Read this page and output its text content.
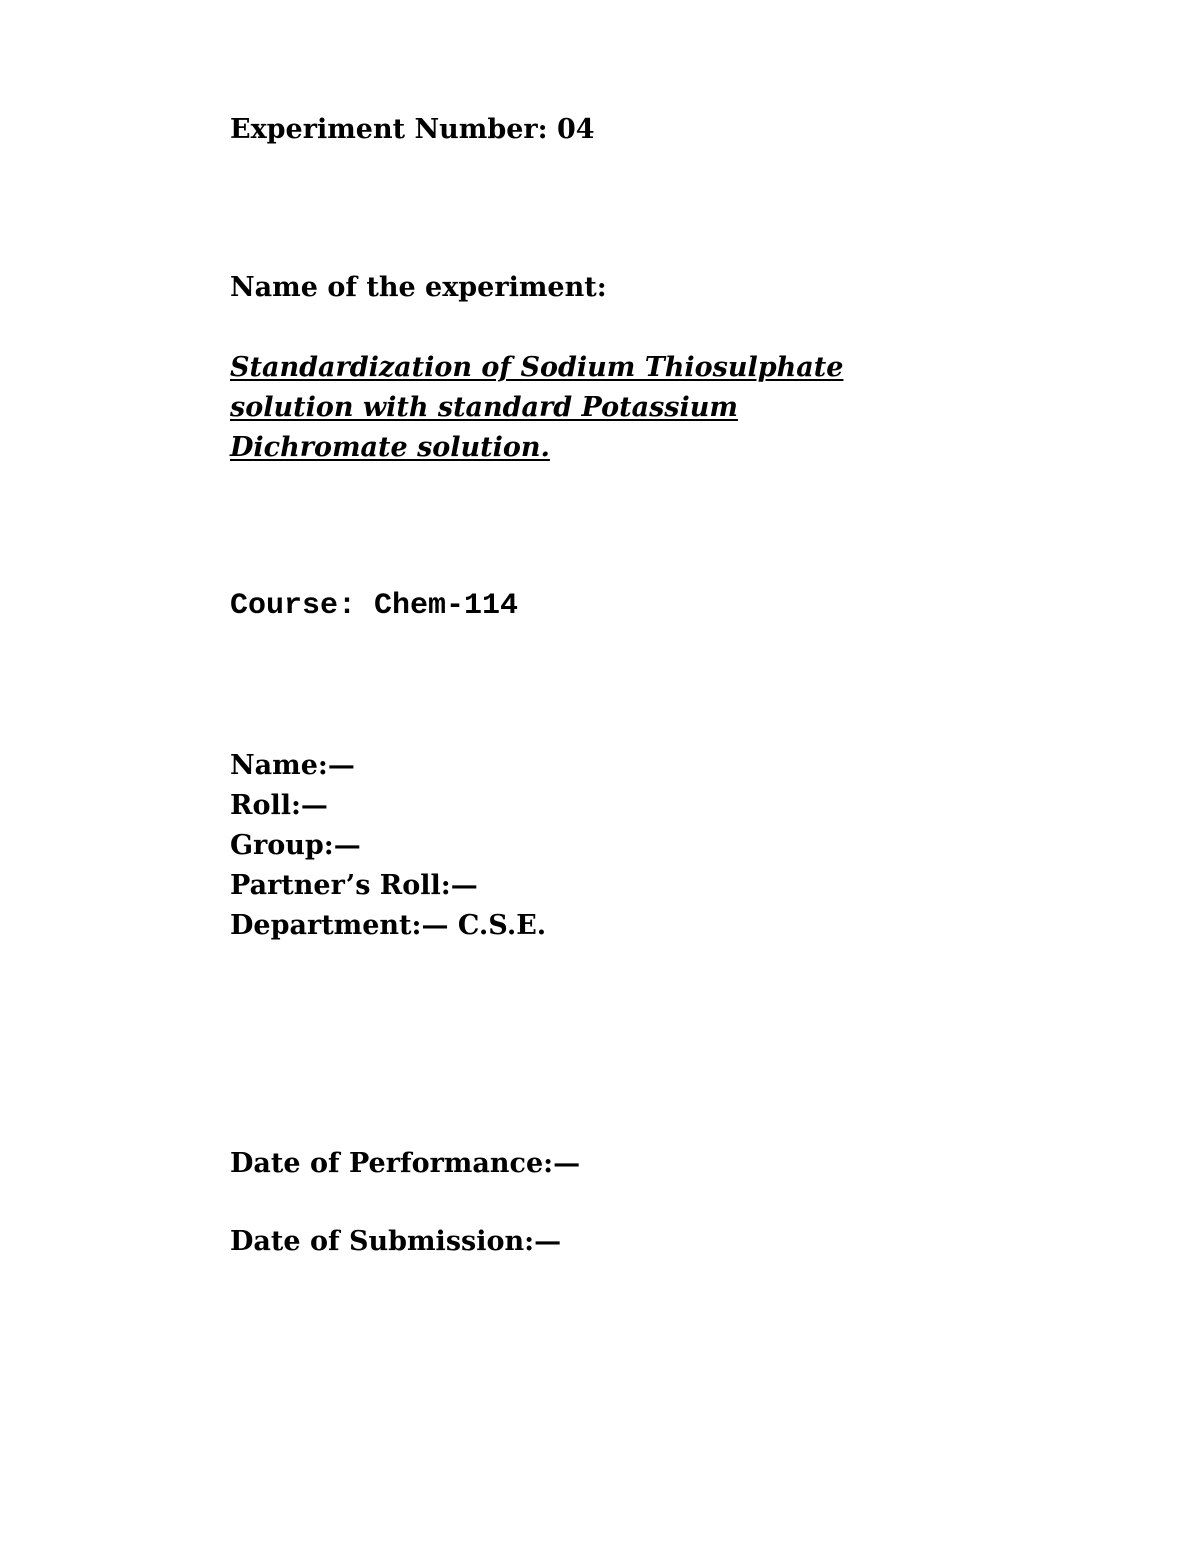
Experiment Number: 04

Name of the experiment:

Standardization of Sodium Thiosulphate
solution with standard Potassium
Dichromate solution.

Course: Chem-114

Name:—
Roll:—
Group:—
Partner’s Roll:—
Department:— C.S.E.

Date of Performance:—

Date of Submission:—
